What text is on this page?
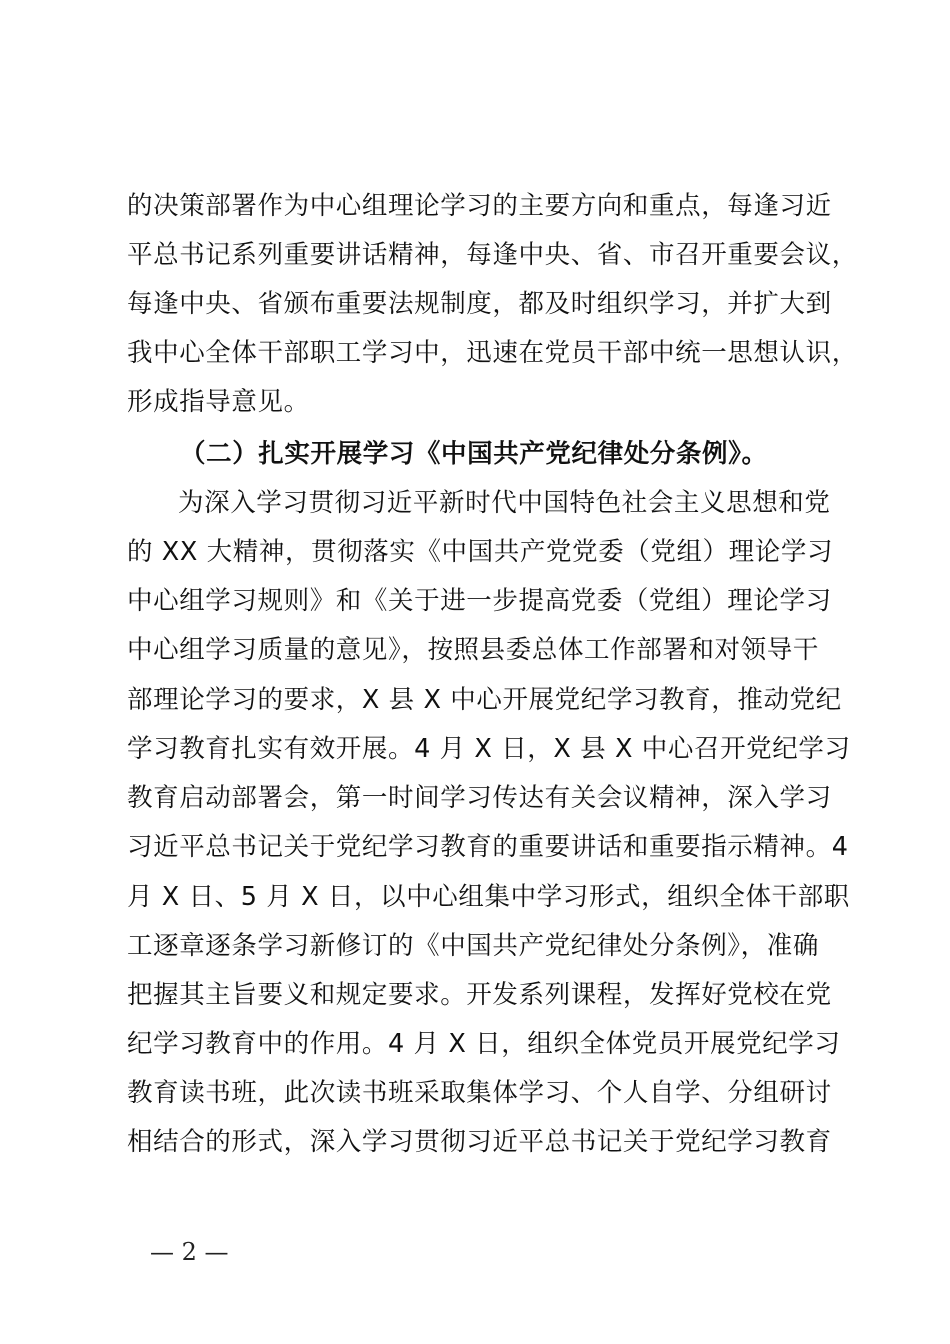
的决策部署作为中心组理论学习的主要方向和重点，每逢习近
平总书记系列重要讲话精神，每逢中央、省、市召开重要会议，
每逢中央、省颁布重要法规制度，都及时组织学习，并扩大到
我中心全体干部职工学习中，迅速在党员干部中统一思想认识，
形成指导意见。
（二）扎实开展学习《中国共产党纪律处分条例》。
为深入学习贯彻习近平新时代中国特色社会主义思想和党
的 XX 大精神，贯彻落实《中国共产党党委（党组）理论学习
中心组学习规则》和《关于进一步提高党委（党组）理论学习
中心组学习质量的意见》，按照县委总体工作部署和对领导干
部理论学习的要求，X 县 X 中心开展党纪学习教育，推动党纪
学习教育扎实有效开展。4 月 X 日，X 县 X 中心召开党纪学习
教育启动部署会，第一时间学习传达有关会议精神，深入学习
习近平总书记关于党纪学习教育的重要讲话和重要指示精神。4
月 X 日、5 月 X 日，以中心组集中学习形式，组织全体干部职
工逐章逐条学习新修订的《中国共产党纪律处分条例》，准确
把握其主旨要义和规定要求。开发系列课程，发挥好党校在党
纪学习教育中的作用。4 月 X 日，组织全体党员开展党纪学习
教育读书班，此次读书班采取集体学习、个人自学、分组研讨
相结合的形式，深入学习贯彻习近平总书记关于党纪学习教育
— 2 —
